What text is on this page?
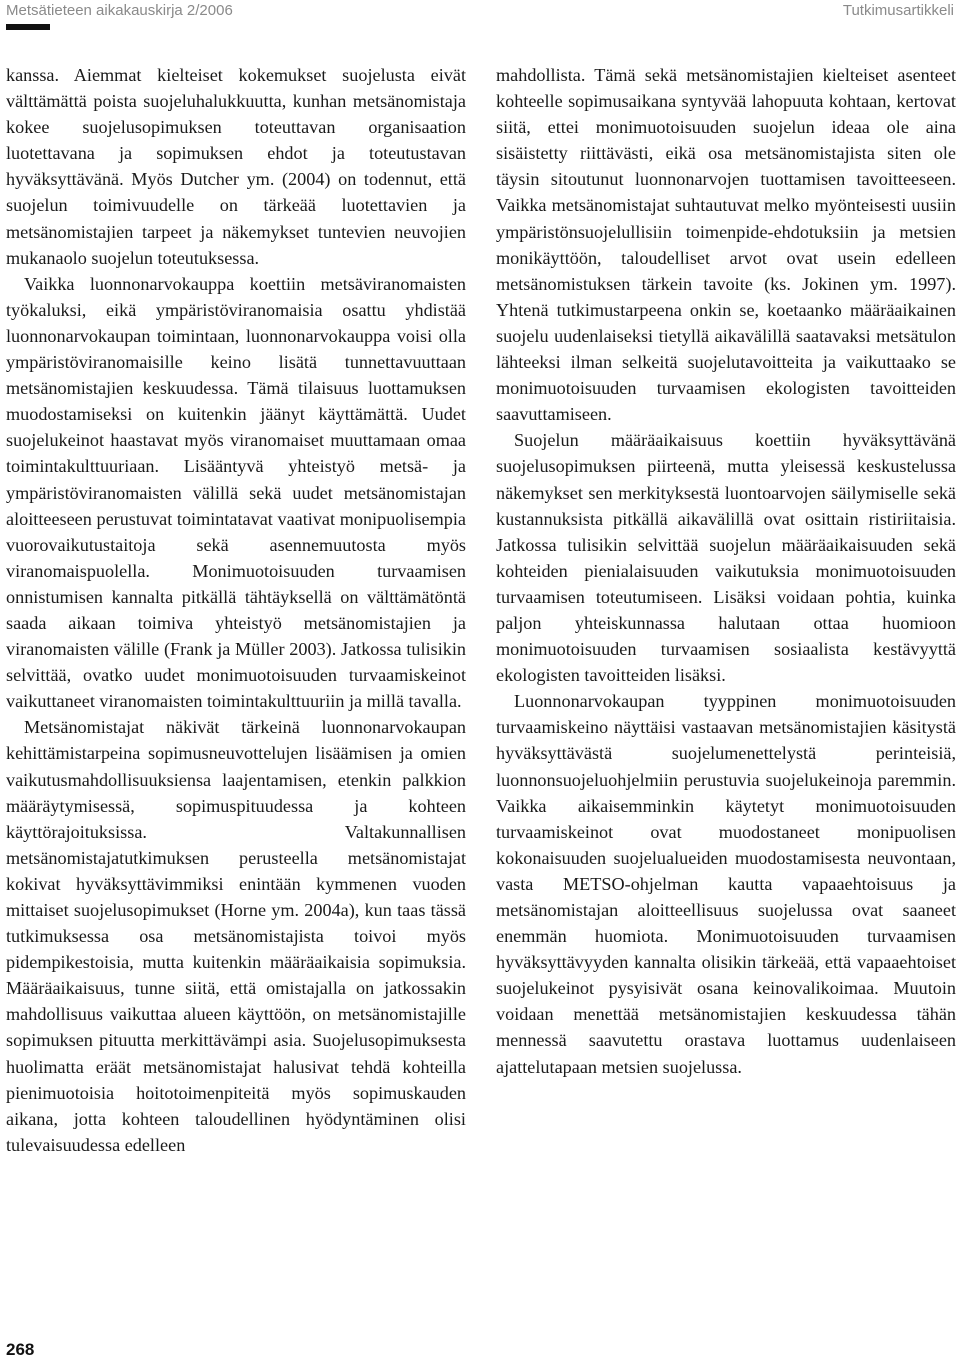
Metsätieteen aikakauskirja 2/2006	Tutkimusartikkeli

kanssa. Aiemmat kielteiset kokemukset suojelusta eivät välttämättä poista suojeluhalukkuutta, kunhan metsänomistaja kokee suojelusopimuksen toteuttavan organisaation luotettavana ja sopimuksen ehdot ja toteutustavan hyväksyttävänä. Myös Dutcher ym. (2004) on todennut, että suojelun toimivuudelle on tärkeää luotettavien ja metsänomistajien tarpeet ja näkemykset tuntevien neuvojien mukanaolo suojelun toteutuksessa.

Vaikka luonnonarvokauppa koettiin metsäviranomaisten työkaluksi, eikä ympäristöviranomaisia osattu yhdistää luonnonarvokaupan toimintaan, luonnonarvokauppa voisi olla ympäristöviranomaisille keino lisätä tunnettavuuttaan metsänomistajien keskuudessa. Tämä tilaisuus luottamuksen muodostamiseksi on kuitenkin jäänyt käyttämättä. Uudet suojelukeinot haastavat myös viranomaiset muuttamaan omaa toimintakulttuuriaan. Lisääntyvä yhteistyö metsä- ja ympäristöviranomaisten välillä sekä uudet metsänomistajan aloitteeseen perustuvat toimintatavat vaativat monipuolisempia vuorovaikutustaitoja sekä asennemuutosta myös viranomaispuolella. Monimuotoisuuden turvaamisen onnistumisen kannalta pitkällä tähtäyksellä on välttämätöntä saada aikaan toimiva yhteistyö metsänomistajien ja viranomaisten välille (Frank ja Müller 2003). Jatkossa tulisikin selvittää, ovatko uudet monimuotoisuuden turvaamiskeinot vaikuttaneet viranomaisten toimintakulttuuriin ja millä tavalla.

Metsänomistajat näkivät tärkeinä luonnonarvokaupan kehittämistarpeina sopimusneuvottelujen lisäämisen ja omien vaikutusmahdollisuuksiensa laajentamisen, etenkin palkkion määräytymisessä, sopimuspituudessa ja kohteen käyttörajoituksissa. Valtakunnallisen metsänomistajatutkimuksen perusteella metsänomistajat kokivat hyväksyttävimmiksi enintään kymmenen vuoden mittaiset suojelusopimukset (Horne ym. 2004a), kun taas tässä tutkimuksessa osa metsänomistajista toivoi myös pidempikestoisia, mutta kuitenkin määräaikaisia sopimuksia. Määräaikaisuus, tunne siitä, että omistajalla on jatkossakin mahdollisuus vaikuttaa alueen käyttöön, on metsänomistajille sopimuksen pituutta merkittävämpi asia. Suojelusopimuksesta huolimatta eräät metsänomistajat halusivat tehdä kohteilla pienimuotoisia hoitotoimenpiteitä myös sopimuskauden aikana, jotta kohteen taloudellinen hyödyntäminen olisi tulevaisuudessa edelleen

mahdollista. Tämä sekä metsänomistajien kielteiset asenteet kohteelle sopimusaikana syntyvää lahopuuta kohtaan, kertovat siitä, ettei monimuotoisuuden suojelun ideaa ole aina sisäistetty riittävästi, eikä osa metsänomistajista siten ole täysin sitoutunut luonnonarvojen tuottamisen tavoitteeseen. Vaikka metsänomistajat suhtautuvat melko myönteisesti uusiin ympäristönsuojelullisiin toimenpide-ehdotuksiin ja metsien monikäyttöön, taloudelliset arvot ovat usein edelleen metsänomistuksen tärkein tavoite (ks. Jokinen ym. 1997). Yhtenä tutkimustarpeena onkin se, koetaanko määräaikainen suojelu uudenlaiseksi tietyllä aikavälillä saatavaksi metsätulon lähteeksi ilman selkeitä suojelutavoitteita ja vaikuttaako se monimuotoisuuden turvaamisen ekologisten tavoitteiden saavuttamiseen.

Suojelun määräaikaisuus koettiin hyväksyttävänä suojelusopimuksen piirteenä, mutta yleisessä keskustelussa näkemykset sen merkityksestä luontoarvojen säilymiselle sekä kustannuksista pitkällä aikavälillä ovat osittain ristiriitaisia. Jatkossa tulisikin selvittää suojelun määräaikaisuuden sekä kohteiden pienialaisuuden vaikutuksia monimuotoisuuden turvaamisen toteutumiseen. Lisäksi voidaan pohtia, kuinka paljon yhteiskunnassa halutaan ottaa huomioon monimuotoisuuden turvaamisen sosiaalista kestävyyttä ekologisten tavoitteiden lisäksi.

Luonnonarvokaupan tyyppinen monimuotoisuuden turvaamiskeino näyttäisi vastaavan metsänomistajien käsitystä hyväksyttävästä suojelumenettelystä perinteisiä, luonnonsuojeluohjelmiin perustuvia suojelukeinoja paremmin. Vaikka aikaisemminkin käytetyt monimuotoisuuden turvaamiskeinot ovat muodostaneet monipuolisen kokonaisuuden suojelualueiden muodostamisesta neuvontaan, vasta METSO-ohjelman kautta vapaaehtoisuus ja metsänomistajan aloitteellisuus suojelussa ovat saaneet enemmän huomiota. Monimuotoisuuden turvaamisen hyväksyttävyyden kannalta olisikin tärkeää, että vapaaehtoiset suojelukeinot pysyisivät osana keinovalikoimaa. Muutoin voidaan menettää metsänomistajien keskuudessa tähän mennessä saavutettu orastava luottamus uudenlaiseen ajattelutapaan metsien suojelussa.

268
